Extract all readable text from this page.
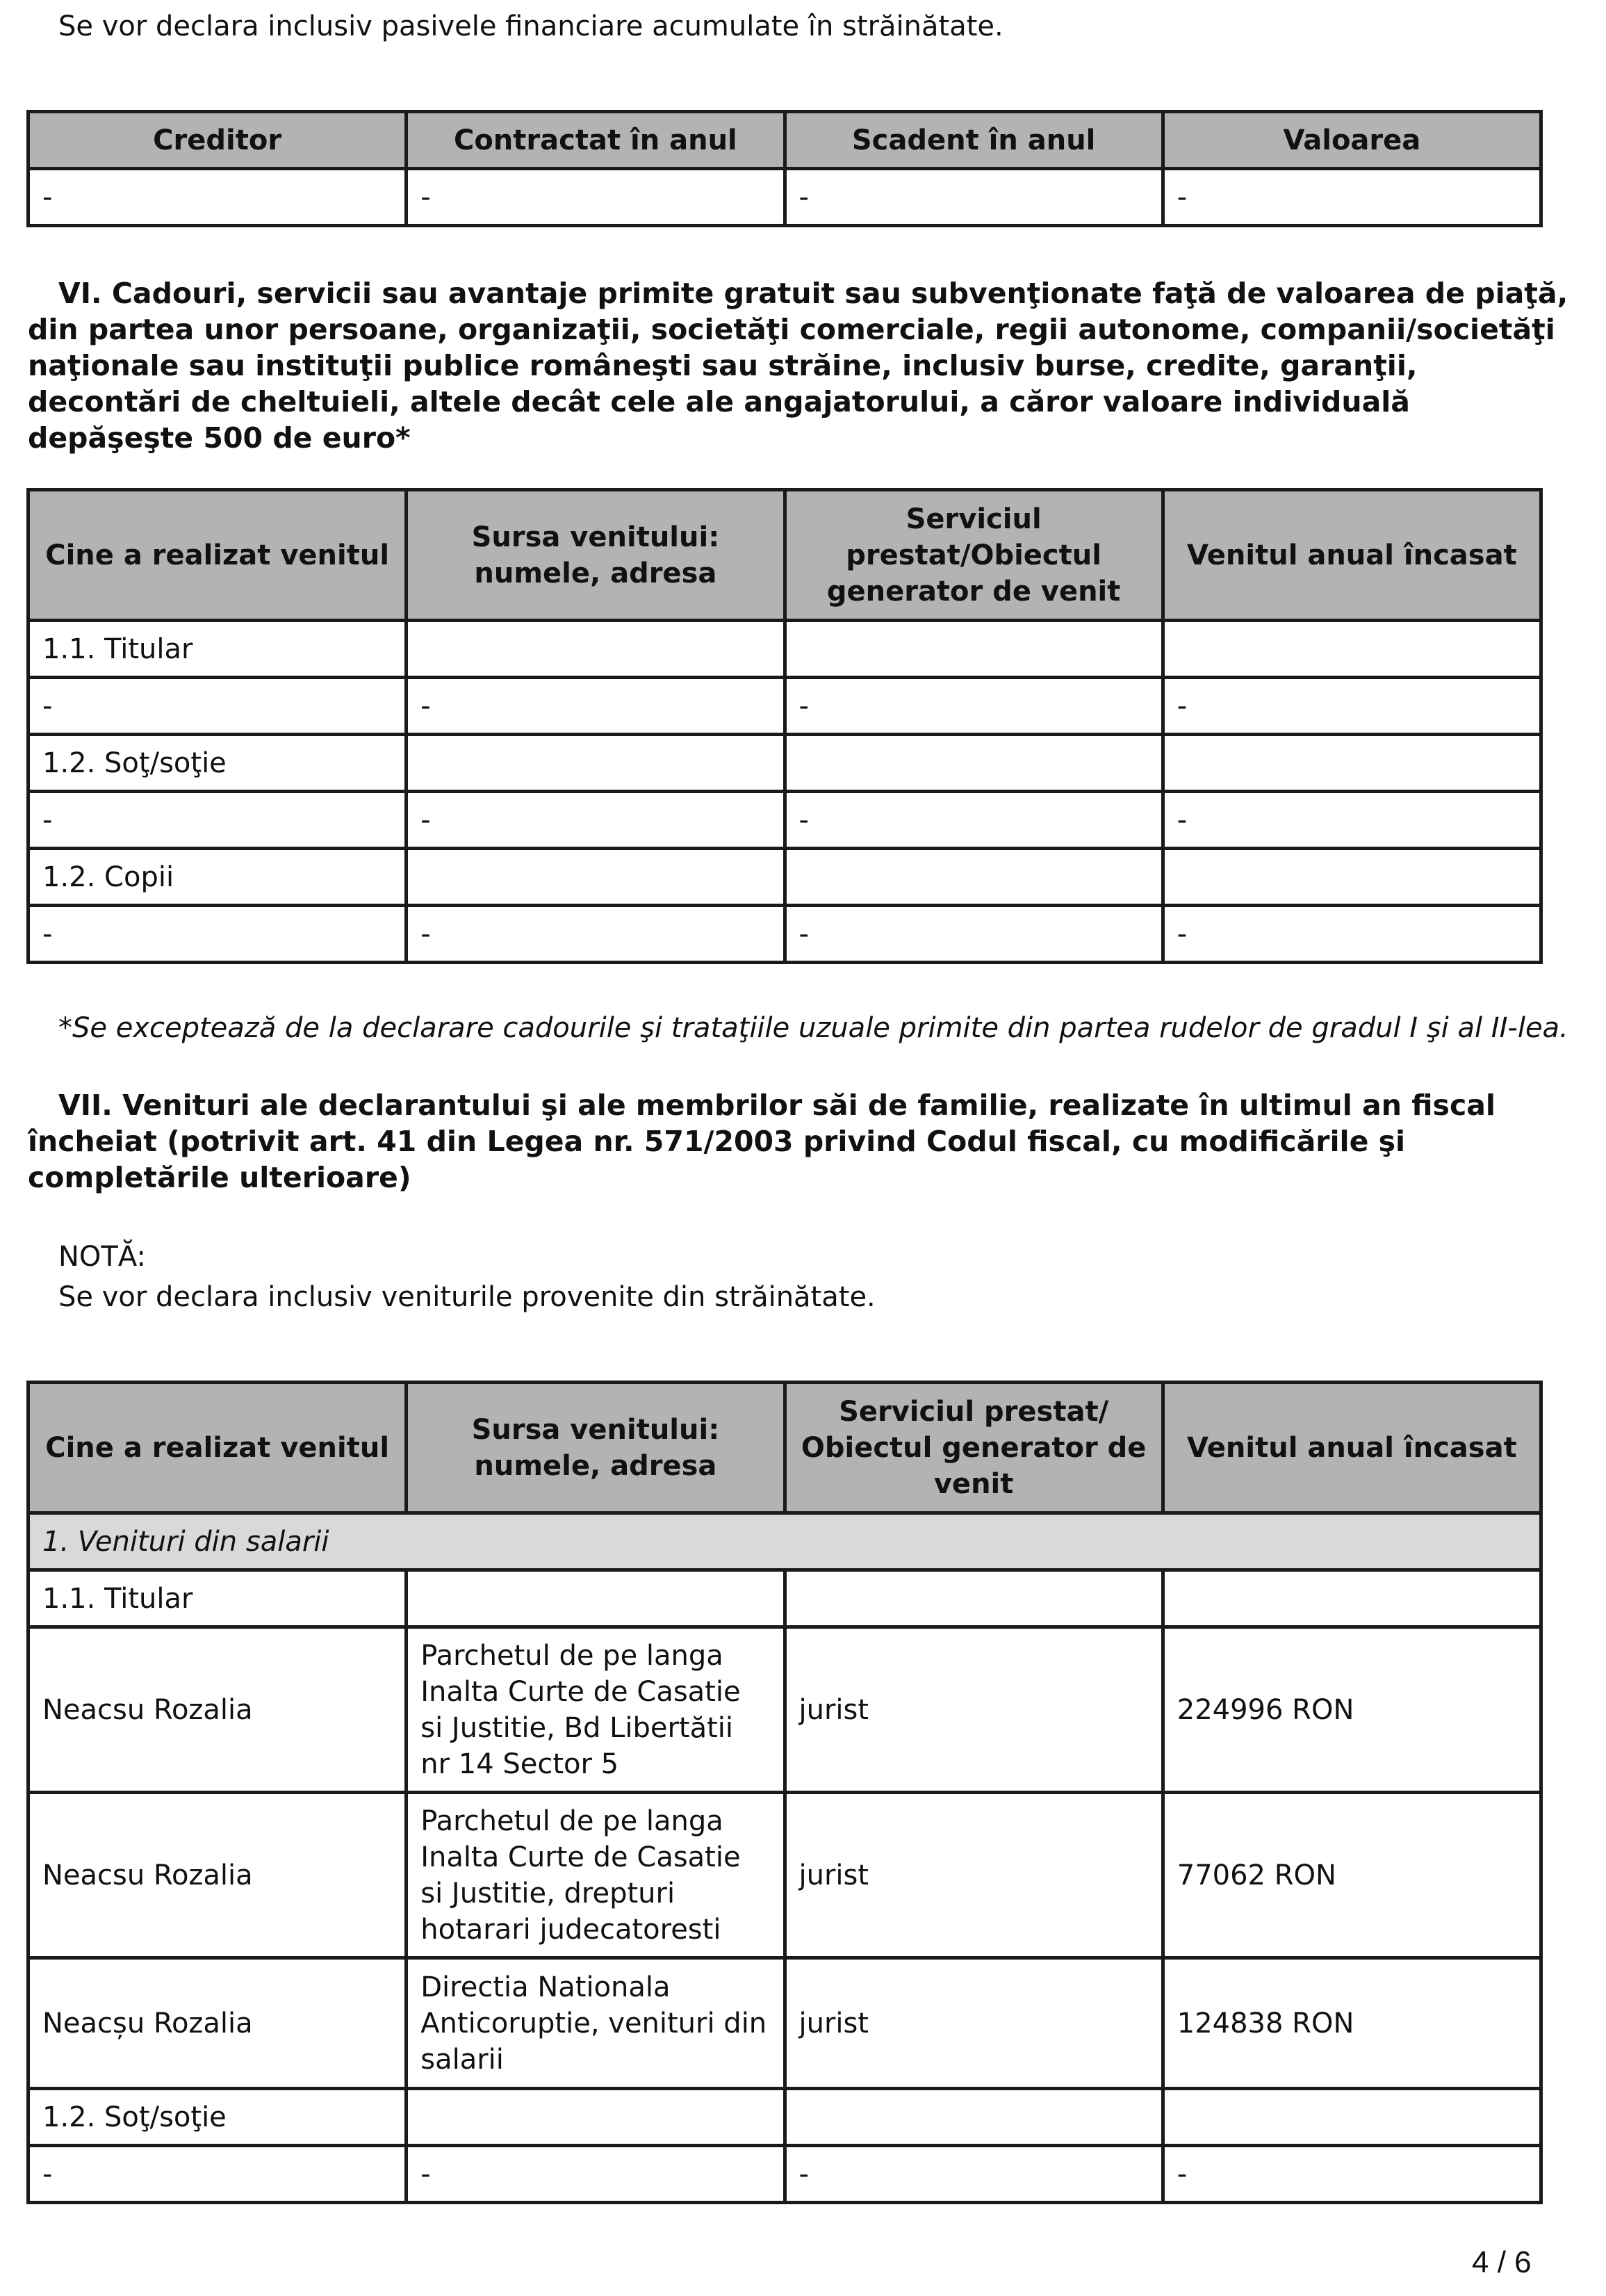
Se vor declara inclusiv pasivele financiare acumulate în străinătate.
Creditor	Contractat în anul	Scadent în anul	Valoarea
-	-	-	-
VI. Cadouri, servicii sau avantaje primite gratuit sau subvenţionate faţă de valoarea de piaţă, din partea unor persoane, organizaţii, societăţi comerciale, regii autonome, companii/societăţi naţionale sau instituţii publice româneşti sau străine, inclusiv burse, credite, garanţii, decontări de cheltuieli, altele decât cele ale angajatorului, a căror valoare individuală depăşeşte 500 de euro*
Cine a realizat venitul	Sursa venitului: numele, adresa	Serviciul prestat/Obiectul generator de venit	Venitul anual încasat
1.1. Titular			
-	-	-	-
1.2. Soţ/soţie			
-	-	-	-
1.2. Copii			
-	-	-	-
*Se exceptează de la declarare cadourile şi trataţiile uzuale primite din partea rudelor de gradul I şi al II-lea.
VII. Venituri ale declarantului şi ale membrilor săi de familie, realizate în ultimul an fiscal încheiat (potrivit art. 41 din Legea nr. 571/2003 privind Codul fiscal, cu modificările şi completările ulterioare)
NOTĂ:
Se vor declara inclusiv veniturile provenite din străinătate.
Cine a realizat venitul	Sursa venitului: numele, adresa	Serviciul prestat/ Obiectul generator de venit	Venitul anual încasat
1. Venituri din salarii			
1.1. Titular			
Neacsu Rozalia	Parchetul de pe langa Inalta Curte de Casatie si Justitie, Bd Libertătii nr 14 Sector 5	jurist	224996 RON
Neacsu Rozalia	Parchetul de pe langa Inalta Curte de Casatie si Justitie, drepturi hotarari judecatoresti	jurist	77062 RON
Neacșu Rozalia	Directia Nationala Anticoruptie, venituri din salarii	jurist	124838 RON
1.2. Soţ/soţie			
-	-	-	-
4 / 6
